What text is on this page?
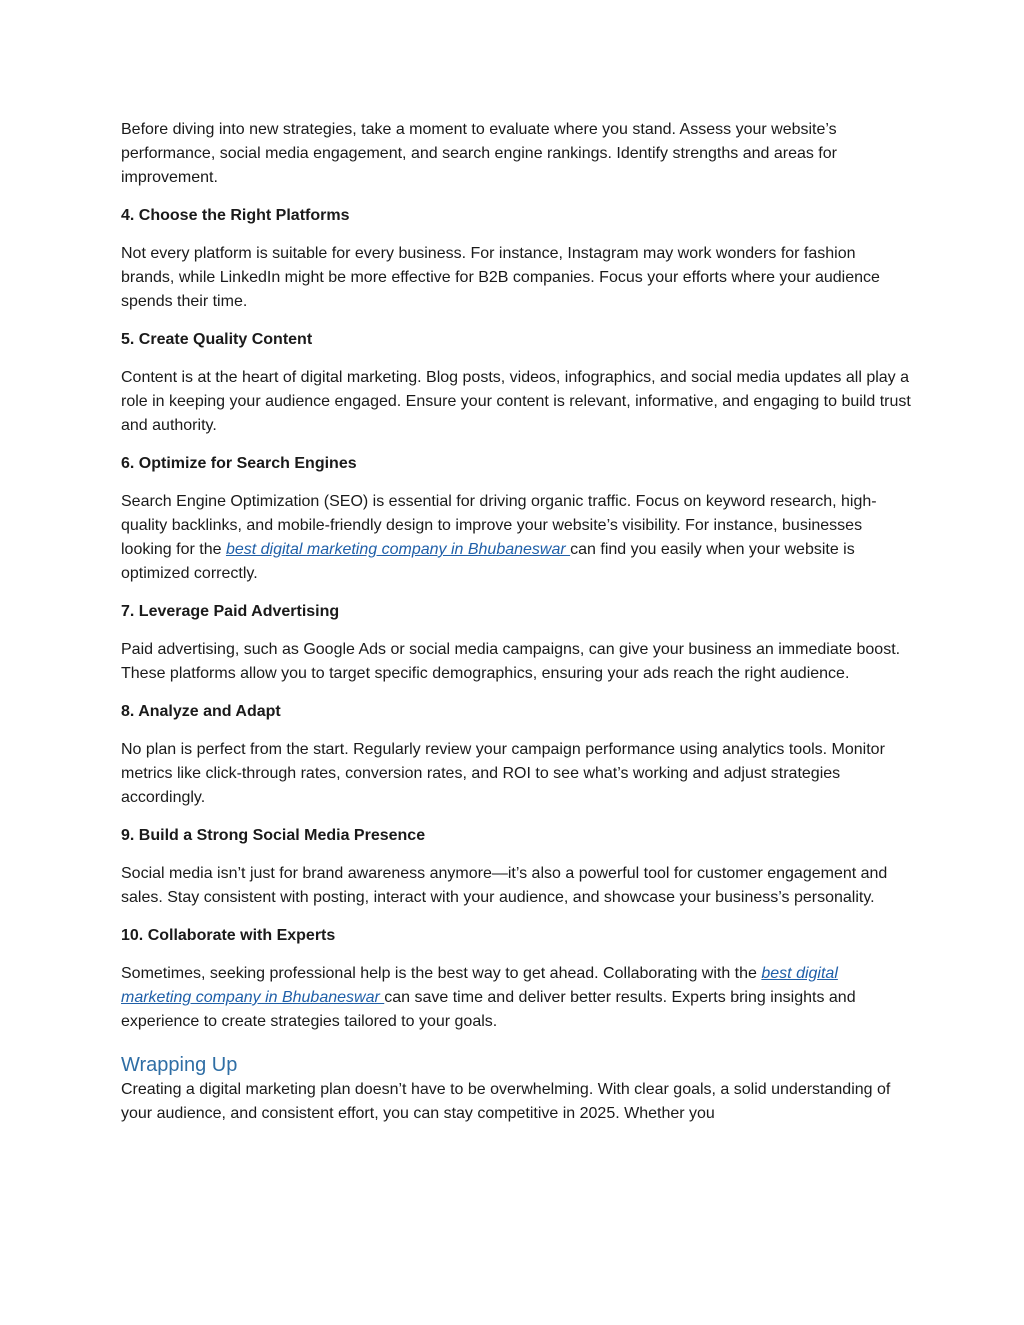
Before diving into new strategies, take a moment to evaluate where you stand. Assess your website’s performance, social media engagement, and search engine rankings. Identify strengths and areas for improvement.

4. Choose the Right Platforms

Not every platform is suitable for every business. For instance, Instagram may work wonders for fashion brands, while LinkedIn might be more effective for B2B companies. Focus your efforts where your audience spends their time.

5. Create Quality Content

Content is at the heart of digital marketing. Blog posts, videos, infographics, and social media updates all play a role in keeping your audience engaged. Ensure your content is relevant, informative, and engaging to build trust and authority.

6. Optimize for Search Engines

Search Engine Optimization (SEO) is essential for driving organic traffic. Focus on keyword research, high-quality backlinks, and mobile-friendly design to improve your website’s visibility. For instance, businesses looking for the best digital marketing company in Bhubaneswar can find you easily when your website is optimized correctly.

7. Leverage Paid Advertising

Paid advertising, such as Google Ads or social media campaigns, can give your business an immediate boost. These platforms allow you to target specific demographics, ensuring your ads reach the right audience.

8. Analyze and Adapt

No plan is perfect from the start. Regularly review your campaign performance using analytics tools. Monitor metrics like click-through rates, conversion rates, and ROI to see what’s working and adjust strategies accordingly.

9. Build a Strong Social Media Presence

Social media isn’t just for brand awareness anymore—it’s also a powerful tool for customer engagement and sales. Stay consistent with posting, interact with your audience, and showcase your business’s personality.

10. Collaborate with Experts

Sometimes, seeking professional help is the best way to get ahead. Collaborating with the best digital marketing company in Bhubaneswar can save time and deliver better results. Experts bring insights and experience to create strategies tailored to your goals.

Wrapping Up

Creating a digital marketing plan doesn’t have to be overwhelming. With clear goals, a solid understanding of your audience, and consistent effort, you can stay competitive in 2025. Whether you
